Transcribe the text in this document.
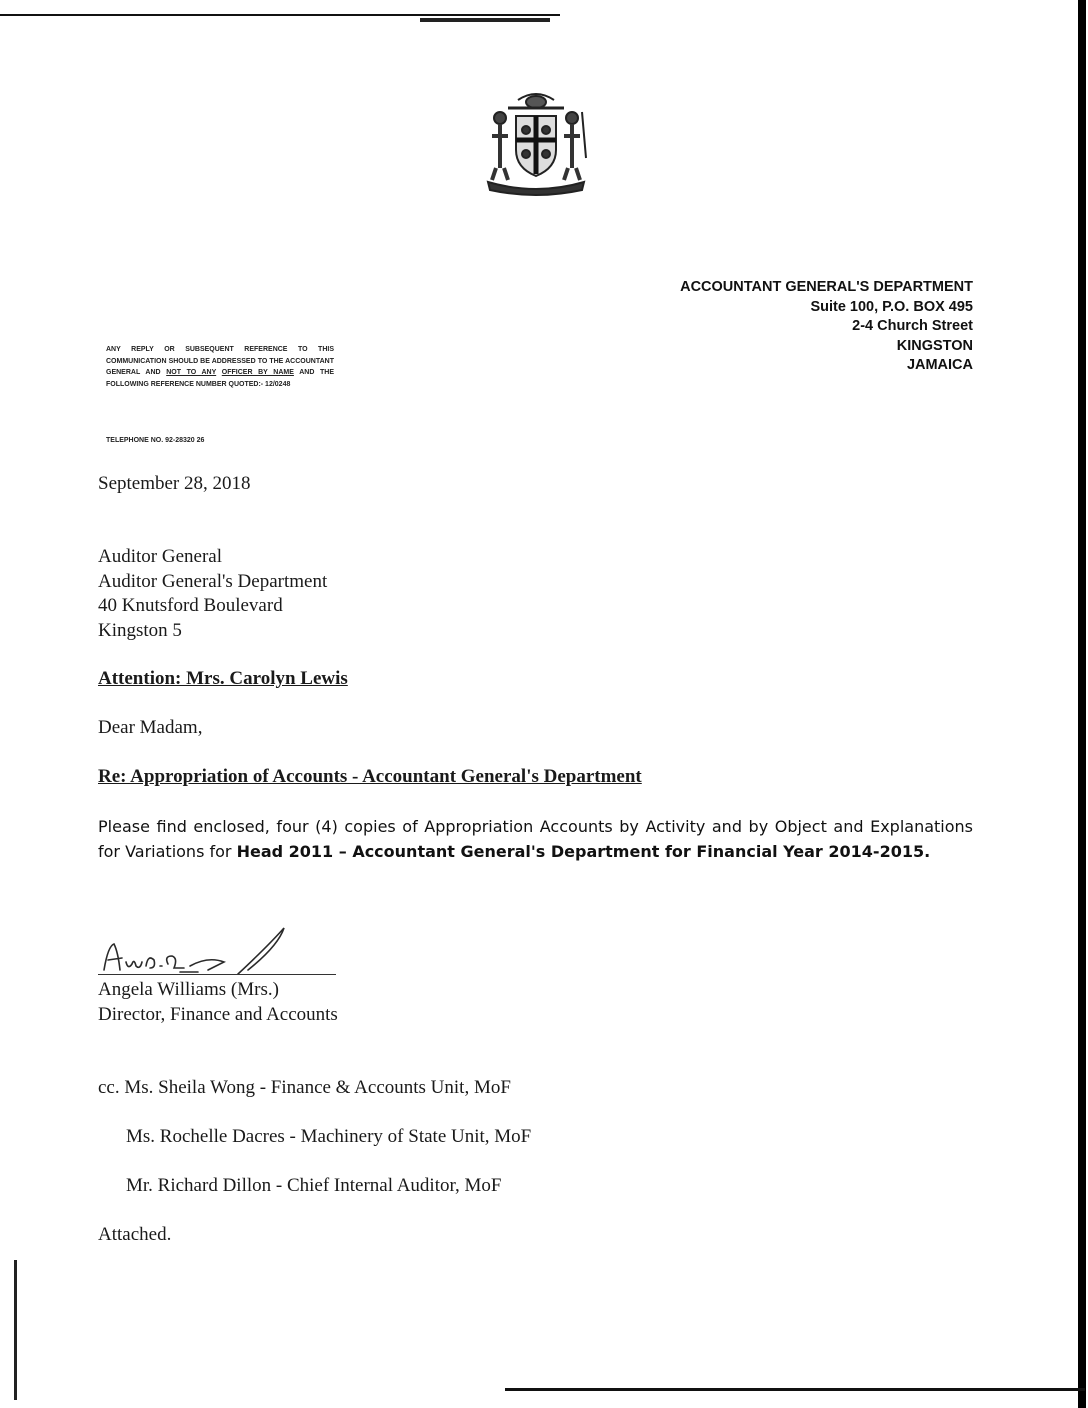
ACCOUNTANT GENERAL'S DEPARTMENT
Suite 100, P.O. BOX 495
2-4 Church Street
KINGSTON
JAMAICA
ANY REPLY OR SUBSEQUENT REFERENCE TO THIS COMMUNICATION SHOULD BE ADDRESSED TO THE ACCOUNTANT GENERAL AND NOT TO ANY OFFICER BY NAME AND THE FOLLOWING REFERENCE NUMBER QUOTED:- 12/0248
TELEPHONE NO. 92-28320 26
September 28, 2018
Auditor General
Auditor General's Department
40 Knutsford Boulevard
Kingston 5
Attention: Mrs. Carolyn Lewis
Dear Madam,
Re: Appropriation of Accounts - Accountant General's Department
Please find enclosed, four (4) copies of Appropriation Accounts by Activity and by Object and Explanations for Variations for Head 2011 – Accountant General's Department for Financial Year 2014-2015.
Angela Williams (Mrs.)
Director, Finance and Accounts
cc. Ms. Sheila Wong - Finance & Accounts Unit, MoF
Ms. Rochelle Dacres - Machinery of State Unit, MoF
Mr. Richard Dillon - Chief Internal Auditor, MoF
Attached.
